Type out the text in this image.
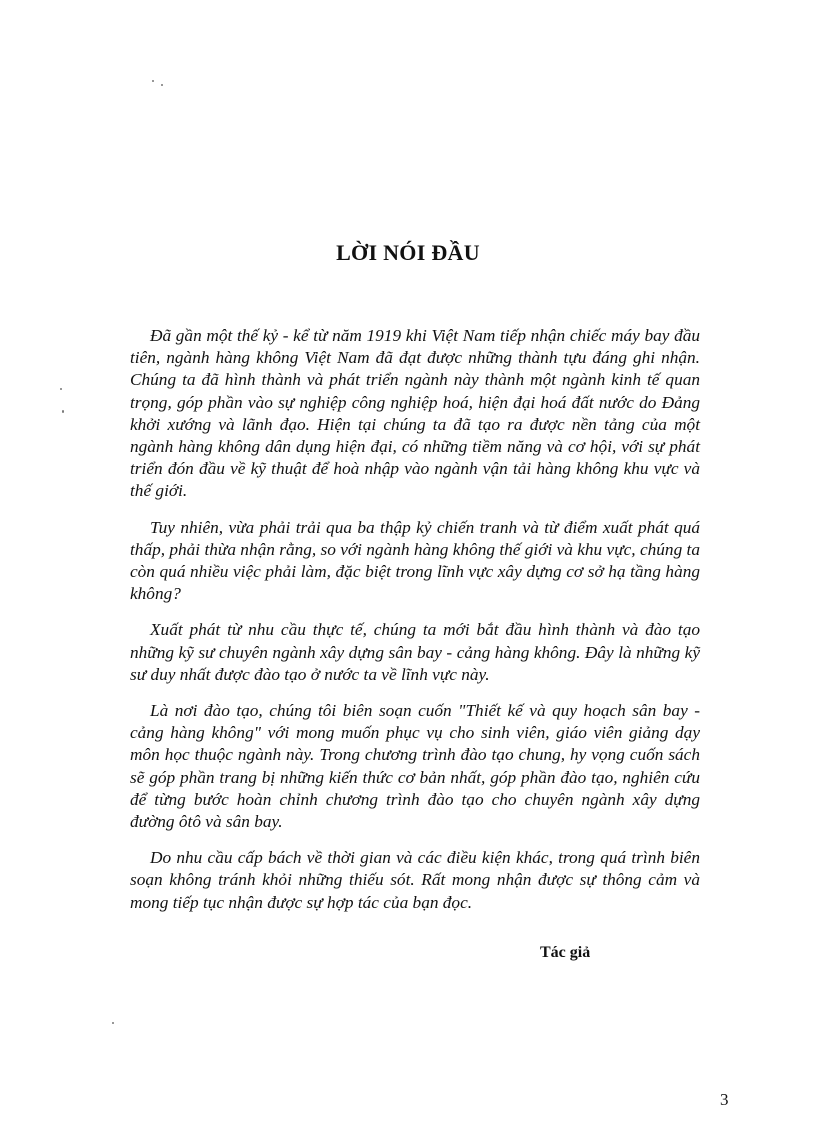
LỜI NÓI ĐẦU

Đã gần một thế kỷ - kể từ năm 1919 khi Việt Nam tiếp nhận chiếc máy bay đầu tiên, ngành hàng không Việt Nam đã đạt được những thành tựu đáng ghi nhận. Chúng ta đã hình thành và phát triển ngành này thành một ngành kinh tế quan trọng, góp phần vào sự nghiệp công nghiệp hoá, hiện đại hoá đất nước do Đảng khởi xướng và lãnh đạo. Hiện tại chúng ta đã tạo ra được nền tảng của một ngành hàng không dân dụng hiện đại, có những tiềm năng và cơ hội, với sự phát triển đón đầu về kỹ thuật để hoà nhập vào ngành vận tải hàng không khu vực và thế giới.

Tuy nhiên, vừa phải trải qua ba thập kỷ chiến tranh và từ điểm xuất phát quá thấp, phải thừa nhận rằng, so với ngành hàng không thế giới và khu vực, chúng ta còn quá nhiều việc phải làm, đặc biệt trong lĩnh vực xây dựng cơ sở hạ tầng hàng không?

Xuất phát từ nhu cầu thực tế, chúng ta mới bắt đầu hình thành và đào tạo những kỹ sư chuyên ngành xây dựng sân bay - cảng hàng không. Đây là những kỹ sư duy nhất được đào tạo ở nước ta về lĩnh vực này.

Là nơi đào tạo, chúng tôi biên soạn cuốn "Thiết kế và quy hoạch sân bay - cảng hàng không" với mong muốn phục vụ cho sinh viên, giáo viên giảng dạy môn học thuộc ngành này. Trong chương trình đào tạo chung, hy vọng cuốn sách sẽ góp phần trang bị những kiến thức cơ bản nhất, góp phần đào tạo, nghiên cứu để từng bước hoàn chỉnh chương trình đào tạo cho chuyên ngành xây dựng đường ôtô và sân bay.

Do nhu cầu cấp bách về thời gian và các điều kiện khác, trong quá trình biên soạn không tránh khỏi những thiếu sót. Rất mong nhận được sự thông cảm và mong tiếp tục nhận được sự hợp tác của bạn đọc.

Tác giả
3
